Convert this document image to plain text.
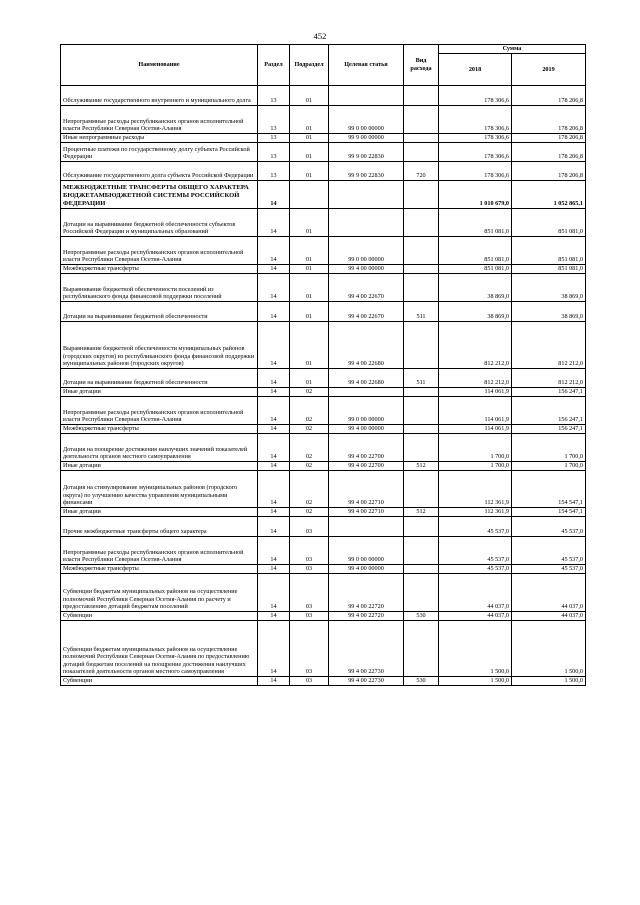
452
Наименование	Раздел	Подраздел	Целевая статья	Вид расхода	Сумма	
					2018	2019
Обслуживание государственного внутреннего и муниципального долга	13	01			178 306,6	178 206,8
Непрограммные расходы республиканских органов исполнительной власти Республики Северная Осетия-Алания	13	01	99 0 00 00000		178 306,6	178 206,8
Иные непрограммные расходы	13	01	99 9 00 00000		178 306,6	178 206,8
Процентные платежи по государственному долгу субъекта Российской Федерации	13	01	99 9 00 22830		178 306,6	178 206,8
Обслуживание государственного долга субъекта Российской Федерации	13	01	99 9 00 22830	720	178 306,6	178 206,8
МЕЖБЮДЖЕТНЫЕ ТРАНСФЕРТЫ ОБЩЕГО ХАРАКТЕРА БЮДЖЕТАМБЮДЖЕТНОЙ СИСТЕМЫ РОССИЙСКОЙ ФЕДЕРАЦИИ	14				1 010 679,0	1 052 865,1
Дотации на выравнивание бюджетной обеспеченности субъектов Российской Федерации и муниципальных образований	14	01			851 081,0	851 081,0
Непрограммные расходы республиканских органов исполнительной власти Республики Северная Осетия-Алания	14	01	99 0 00 00000		851 081,0	851 081,0
Межбюджетные трансферты	14	01	99 4 00 00000		851 081,0	851 081,0
Выравнивание бюджетной обеспеченности поселений из республиканского фонда финансовой поддержки поселений	14	01	99 4 00 22670		38 869,0	38 869,0
Дотации на выравнивание бюджетной обеспеченности	14	01	99 4 00 22670	511	38 869,0	38 869,0
Выравнивание бюджетной обеспеченности муниципальных районов (городских округов) из республиканского фонда финансовой поддержки муниципальных районов (городских округов)	14	01	99 4 00 22680		812 212,0	812 212,0
Дотации на выравнивание бюджетной обеспеченности	14	01	99 4 00 22680	511	812 212,0	812 212,0
Иные дотации	14	02			114 061,9	156 247,1
Непрограммные расходы республиканских органов исполнительной власти Республики Северная Осетия-Алания	14	02	99 0 00 00000		114 061,9	156 247,1
Межбюджетные трансферты	14	02	99 4 00 00000		114 061,9	156 247,1
Дотация на поощрение достижения наилучших значений показателей деятельности органов местного самоуправления	14	02	99 4 00 22700		1 700,0	1 700,0
Иные дотации	14	02	99 4 00 22700	512	1 700,0	1 700,0
Дотация на стимулирование муниципальных районов (городского округа) по улучшению качества управления муниципальными финансами	14	02	99 4 00 22710		112 361,9	154 547,1
Иные дотации	14	02	99 4 00 22710	512	112 361,9	154 547,1
Прочие межбюджетные трансферты общего характера	14	03			45 537,0	45 537,0
Непрограммные расходы республиканских органов исполнительной власти Республики Северная Осетия-Алания	14	03	99 0 00 00000		45 537,0	45 537,0
Межбюджетные трансферты	14	03	99 4 00 00000		45 537,0	45 537,0
Субвенции бюджетам муниципальных районов на осуществление полномочий Республики Северная Осетия-Алания по расчету и предоставлению дотаций бюджетам поселений	14	03	99 4 00 22720		44 037,0	44 037,0
Субвенции	14	03	99 4 00 22720	530	44 037,0	44 037,0
Субвенции бюджетам муниципальных районов на осуществление полномочий Республики Северная Осетия-Алания по предоставлению дотаций бюджетам поселений на поощрение достижения наилучших показателей деятельности органов местного самоуправления	14	03	99 4 00 22730		1 500,0	1 500,0
Субвенции	14	03	99 4 00 22730	530	1 500,0	1 500,0
